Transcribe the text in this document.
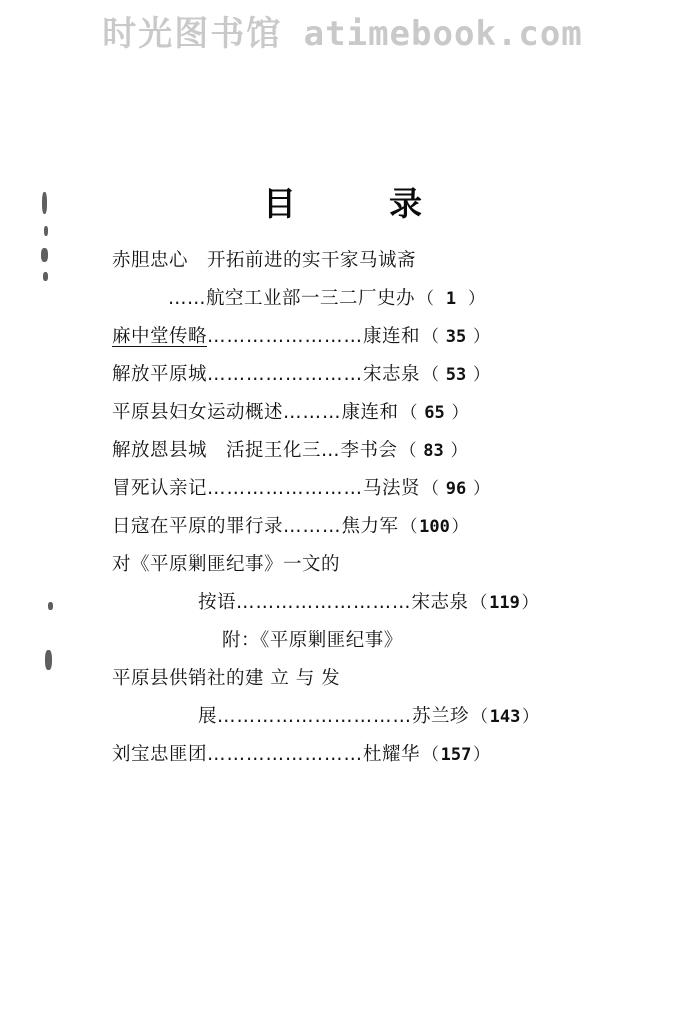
时光图书馆 atimebook.com
目　录
赤胆忠心　开拓前进的实干家马诚斋
……航空工业部一三二厂史办 （ 1 ）
麻中堂传略 …………………… 康连和 （ 35 ）
解放平原城 …………………… 宋志泉 （ 53 ）
平原县妇女运动概述 ……… 康连和 （ 65 ）
解放恩县城　活捉王化三 … 李书会 （ 83 ）
冒死认亲记 …………………… 马法贤 （ 96 ）
日寇在平原的罪行录 ……… 焦力军 （100）
对《平原剿匪纪事》一文的
按语 ……………………… 宋志泉 （119）
附：《平原剿匪纪事》
平原县供销社的建 立 与 发
展 ………………………… 苏兰珍 （143）
刘宝忠匪团 …………………… 杜耀华 （157）
